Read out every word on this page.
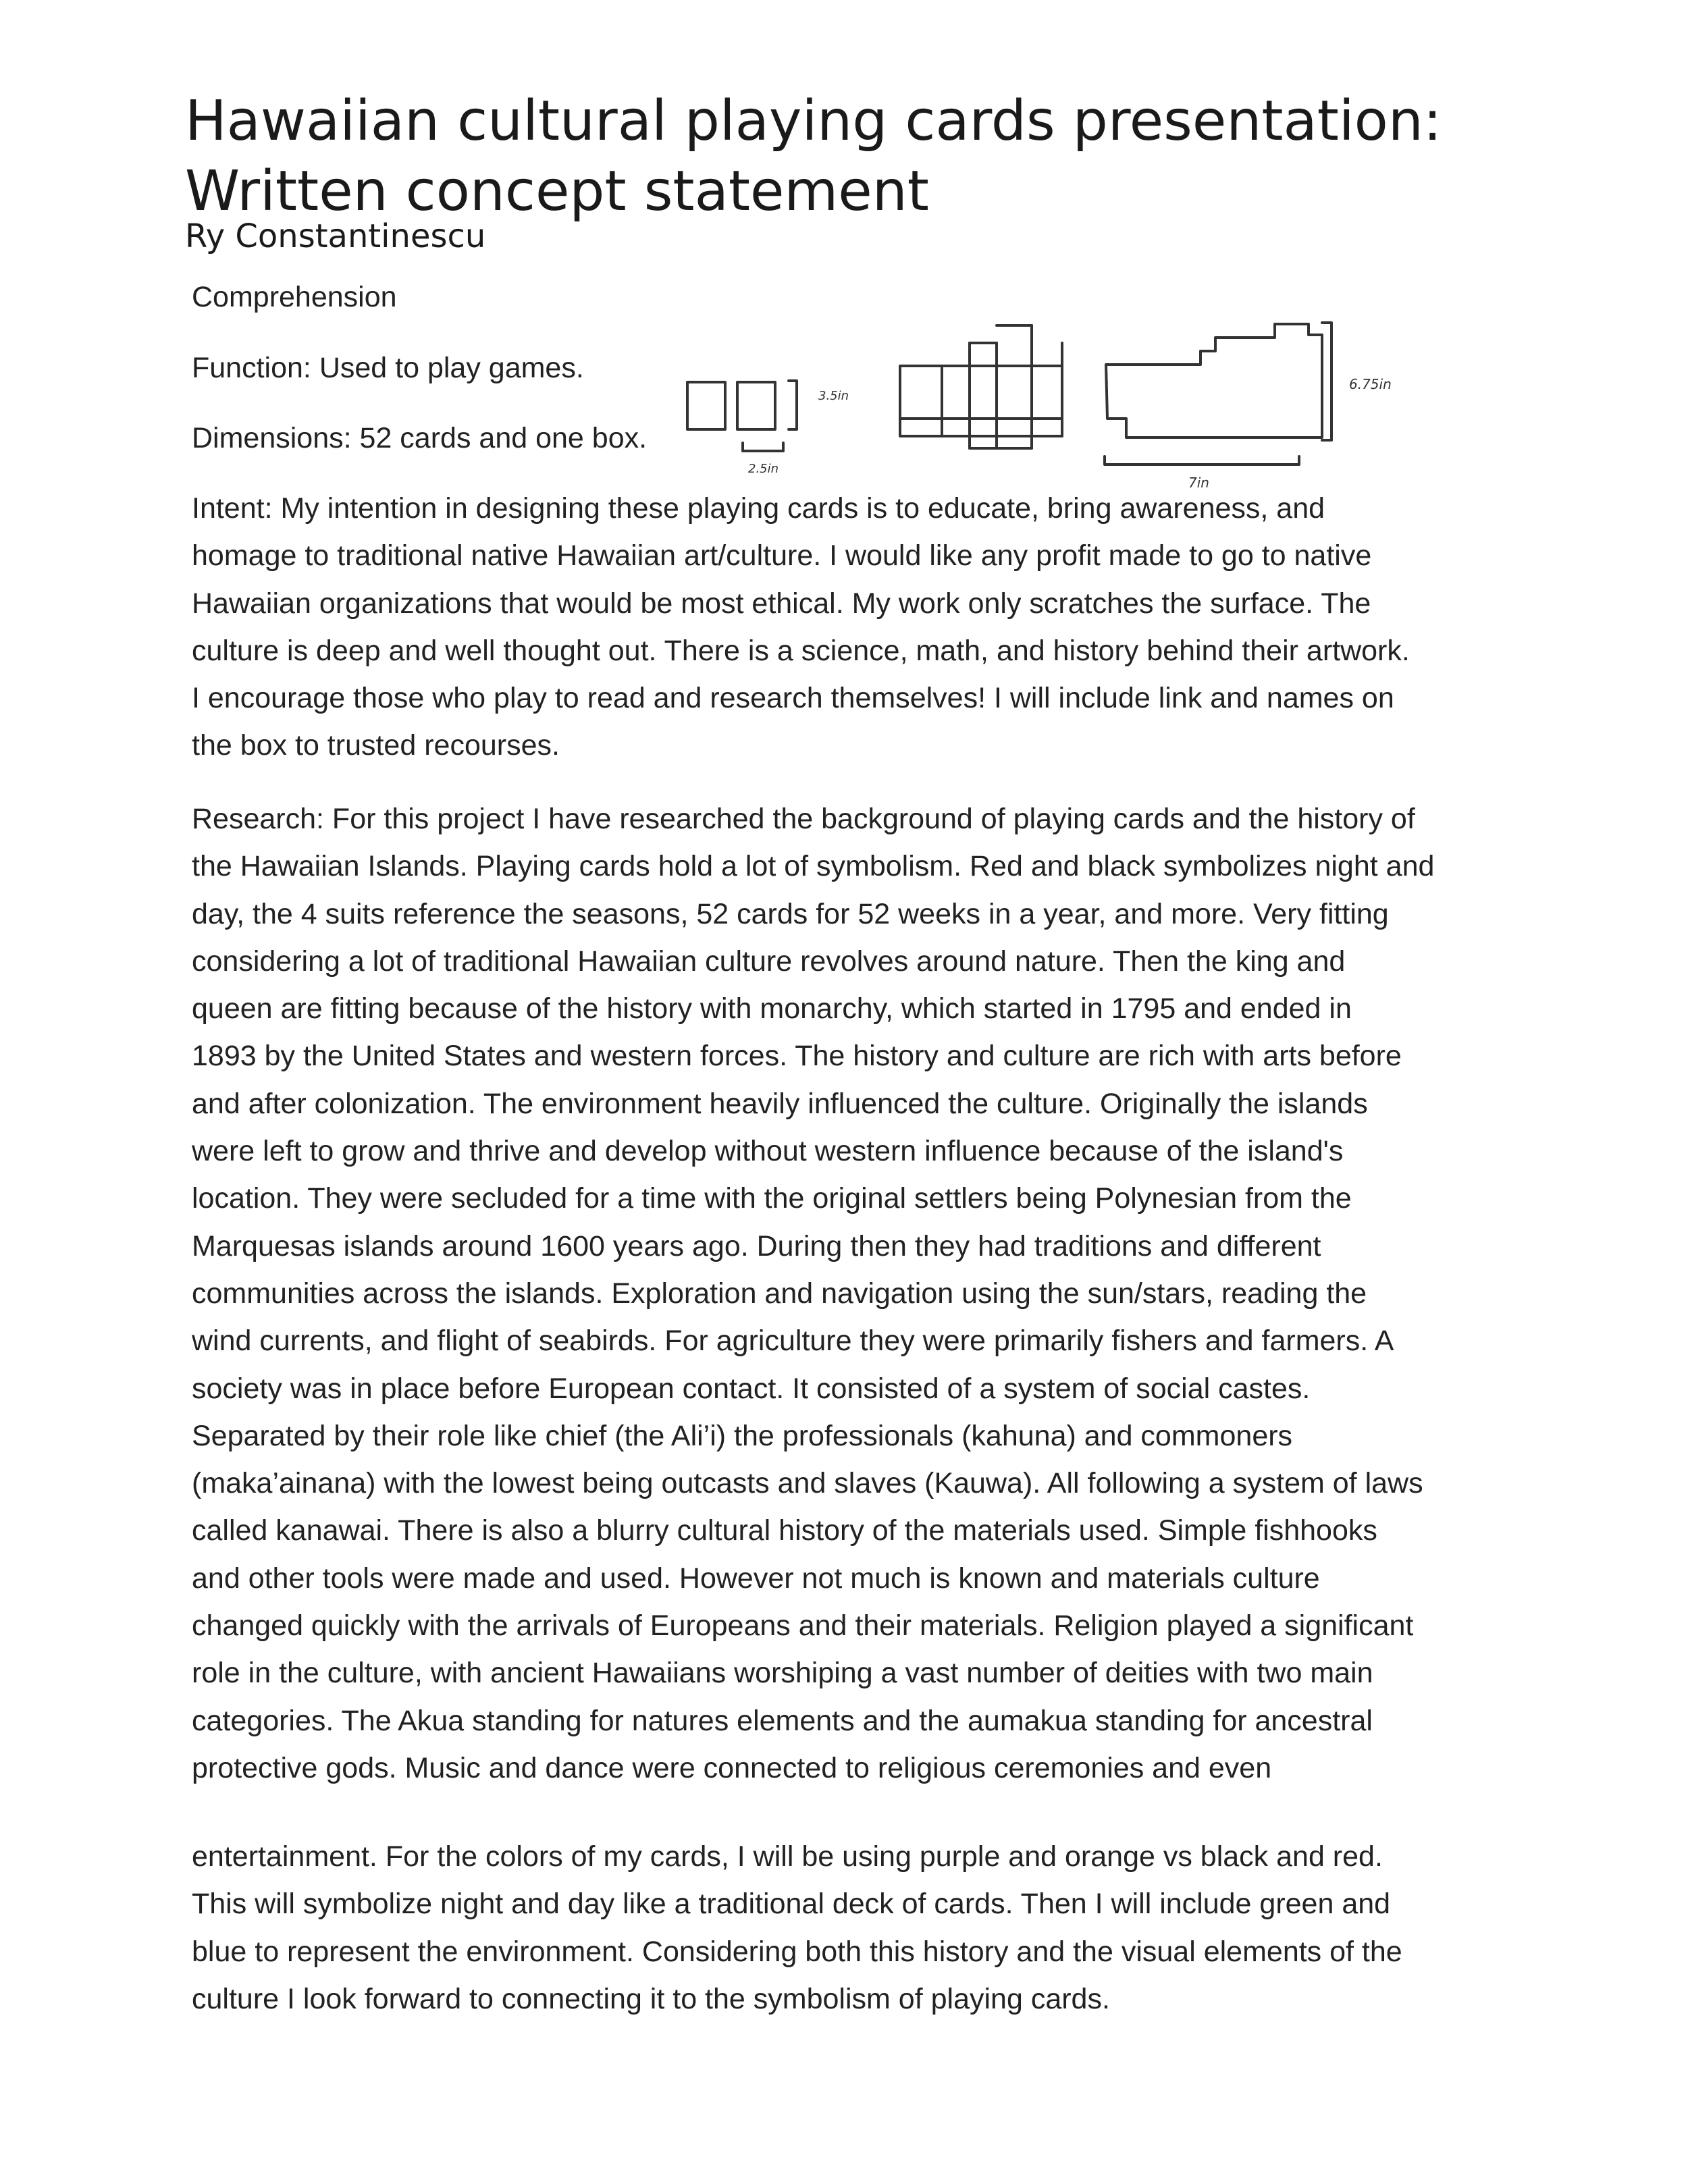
Hawaiian cultural playing cards presentation:
Written concept statement
Ry Constantinescu
Comprehension
Function: Used to play games.
Dimensions: 52 cards and one box.
3.5in
2.5in
6.75in
7in
Intent: My intention in designing these playing cards is to educate, bring awareness, and
homage to traditional native Hawaiian art/culture. I would like any profit made to go to native
Hawaiian organizations that would be most ethical. My work only scratches the surface. The
culture is deep and well thought out. There is a science, math, and history behind their artwork.
I encourage those who play to read and research themselves! I will include link and names on
the box to trusted recourses.
Research: For this project I have researched the background of playing cards and the history of
the Hawaiian Islands. Playing cards hold a lot of symbolism. Red and black symbolizes night and
day, the 4 suits reference the seasons, 52 cards for 52 weeks in a year, and more. Very fitting
considering a lot of traditional Hawaiian culture revolves around nature. Then the king and
queen are fitting because of the history with monarchy, which started in 1795 and ended in
1893 by the United States and western forces. The history and culture are rich with arts before
and after colonization. The environment heavily influenced the culture. Originally the islands
were left to grow and thrive and develop without western influence because of the island's
location. They were secluded for a time with the original settlers being Polynesian from the
Marquesas islands around 1600 years ago. During then they had traditions and different
communities across the islands. Exploration and navigation using the sun/stars, reading the
wind currents, and flight of seabirds. For agriculture they were primarily fishers and farmers. A
society was in place before European contact. It consisted of a system of social castes.
Separated by their role like chief (the Ali’i) the professionals (kahuna) and commoners
(maka’ainana) with the lowest being outcasts and slaves (Kauwa). All following a system of laws
called kanawai. There is also a blurry cultural history of the materials used. Simple fishhooks
and other tools were made and used. However not much is known and materials culture
changed quickly with the arrivals of Europeans and their materials. Religion played a significant
role in the culture, with ancient Hawaiians worshiping a vast number of deities with two main
categories. The Akua standing for natures elements and the aumakua standing for ancestral
protective gods. Music and dance were connected to religious ceremonies and even
entertainment. For the colors of my cards, I will be using purple and orange vs black and red.
This will symbolize night and day like a traditional deck of cards. Then I will include green and
blue to represent the environment. Considering both this history and the visual elements of the
culture I look forward to connecting it to the symbolism of playing cards.
